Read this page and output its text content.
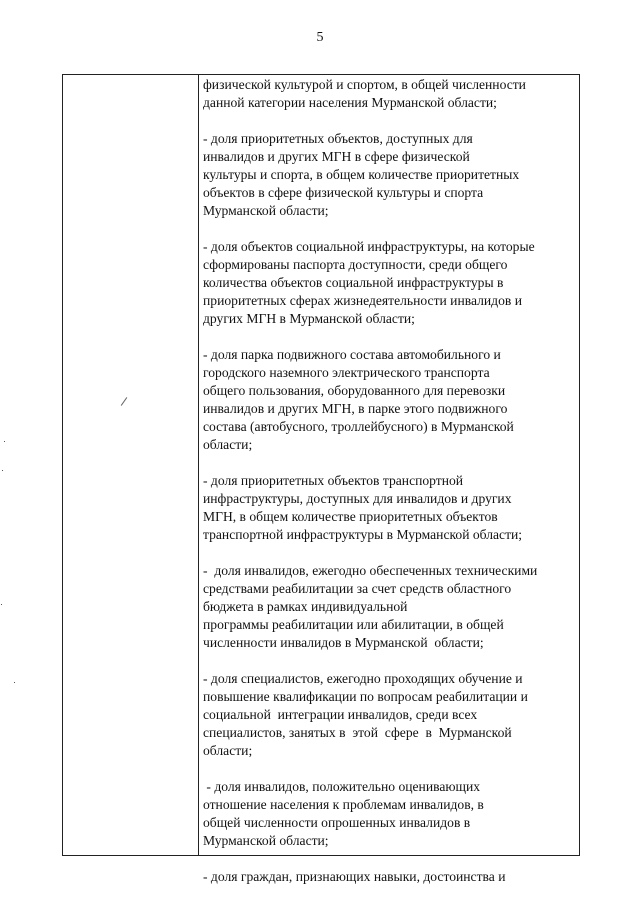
5
физической культурой и спортом, в общей численности
данной категории населения Мурманской области;
- доля приоритетных объектов, доступных для
инвалидов и других МГН в сфере физической
культуры и спорта, в общем количестве приоритетных
объектов в сфере физической культуры и спорта
Мурманской области;
- доля объектов социальной инфраструктуры, на которые
сформированы паспорта доступности, среди общего
количества объектов социальной инфраструктуры в
приоритетных сферах жизнедеятельности инвалидов и
других МГН в Мурманской области;
- доля парка подвижного состава автомобильного и
городского наземного электрического транспорта
общего пользования, оборудованного для перевозки
инвалидов и других МГН, в парке этого подвижного
состава (автобусного, троллейбусного) в Мурманской
области;
- доля приоритетных объектов транспортной
инфраструктуры, доступных для инвалидов и других
МГН, в общем количестве приоритетных объектов
транспортной инфраструктуры в Мурманской области;
-  доля инвалидов, ежегодно обеспеченных техническими
средствами реабилитации за счет средств областного
бюджета в рамках индивидуальной
программы реабилитации или абилитации, в общей
численности инвалидов в Мурманской  области;
- доля специалистов, ежегодно проходящих обучение и
повышение квалификации по вопросам реабилитации и
социальной  интеграции инвалидов, среди всех
специалистов, занятых в  этой  сфере  в  Мурманской
области;
- доля инвалидов, положительно оценивающих
отношение населения к проблемам инвалидов, в
общей численности опрошенных инвалидов в
Мурманской области;
- доля граждан, признающих навыки, достоинства и
